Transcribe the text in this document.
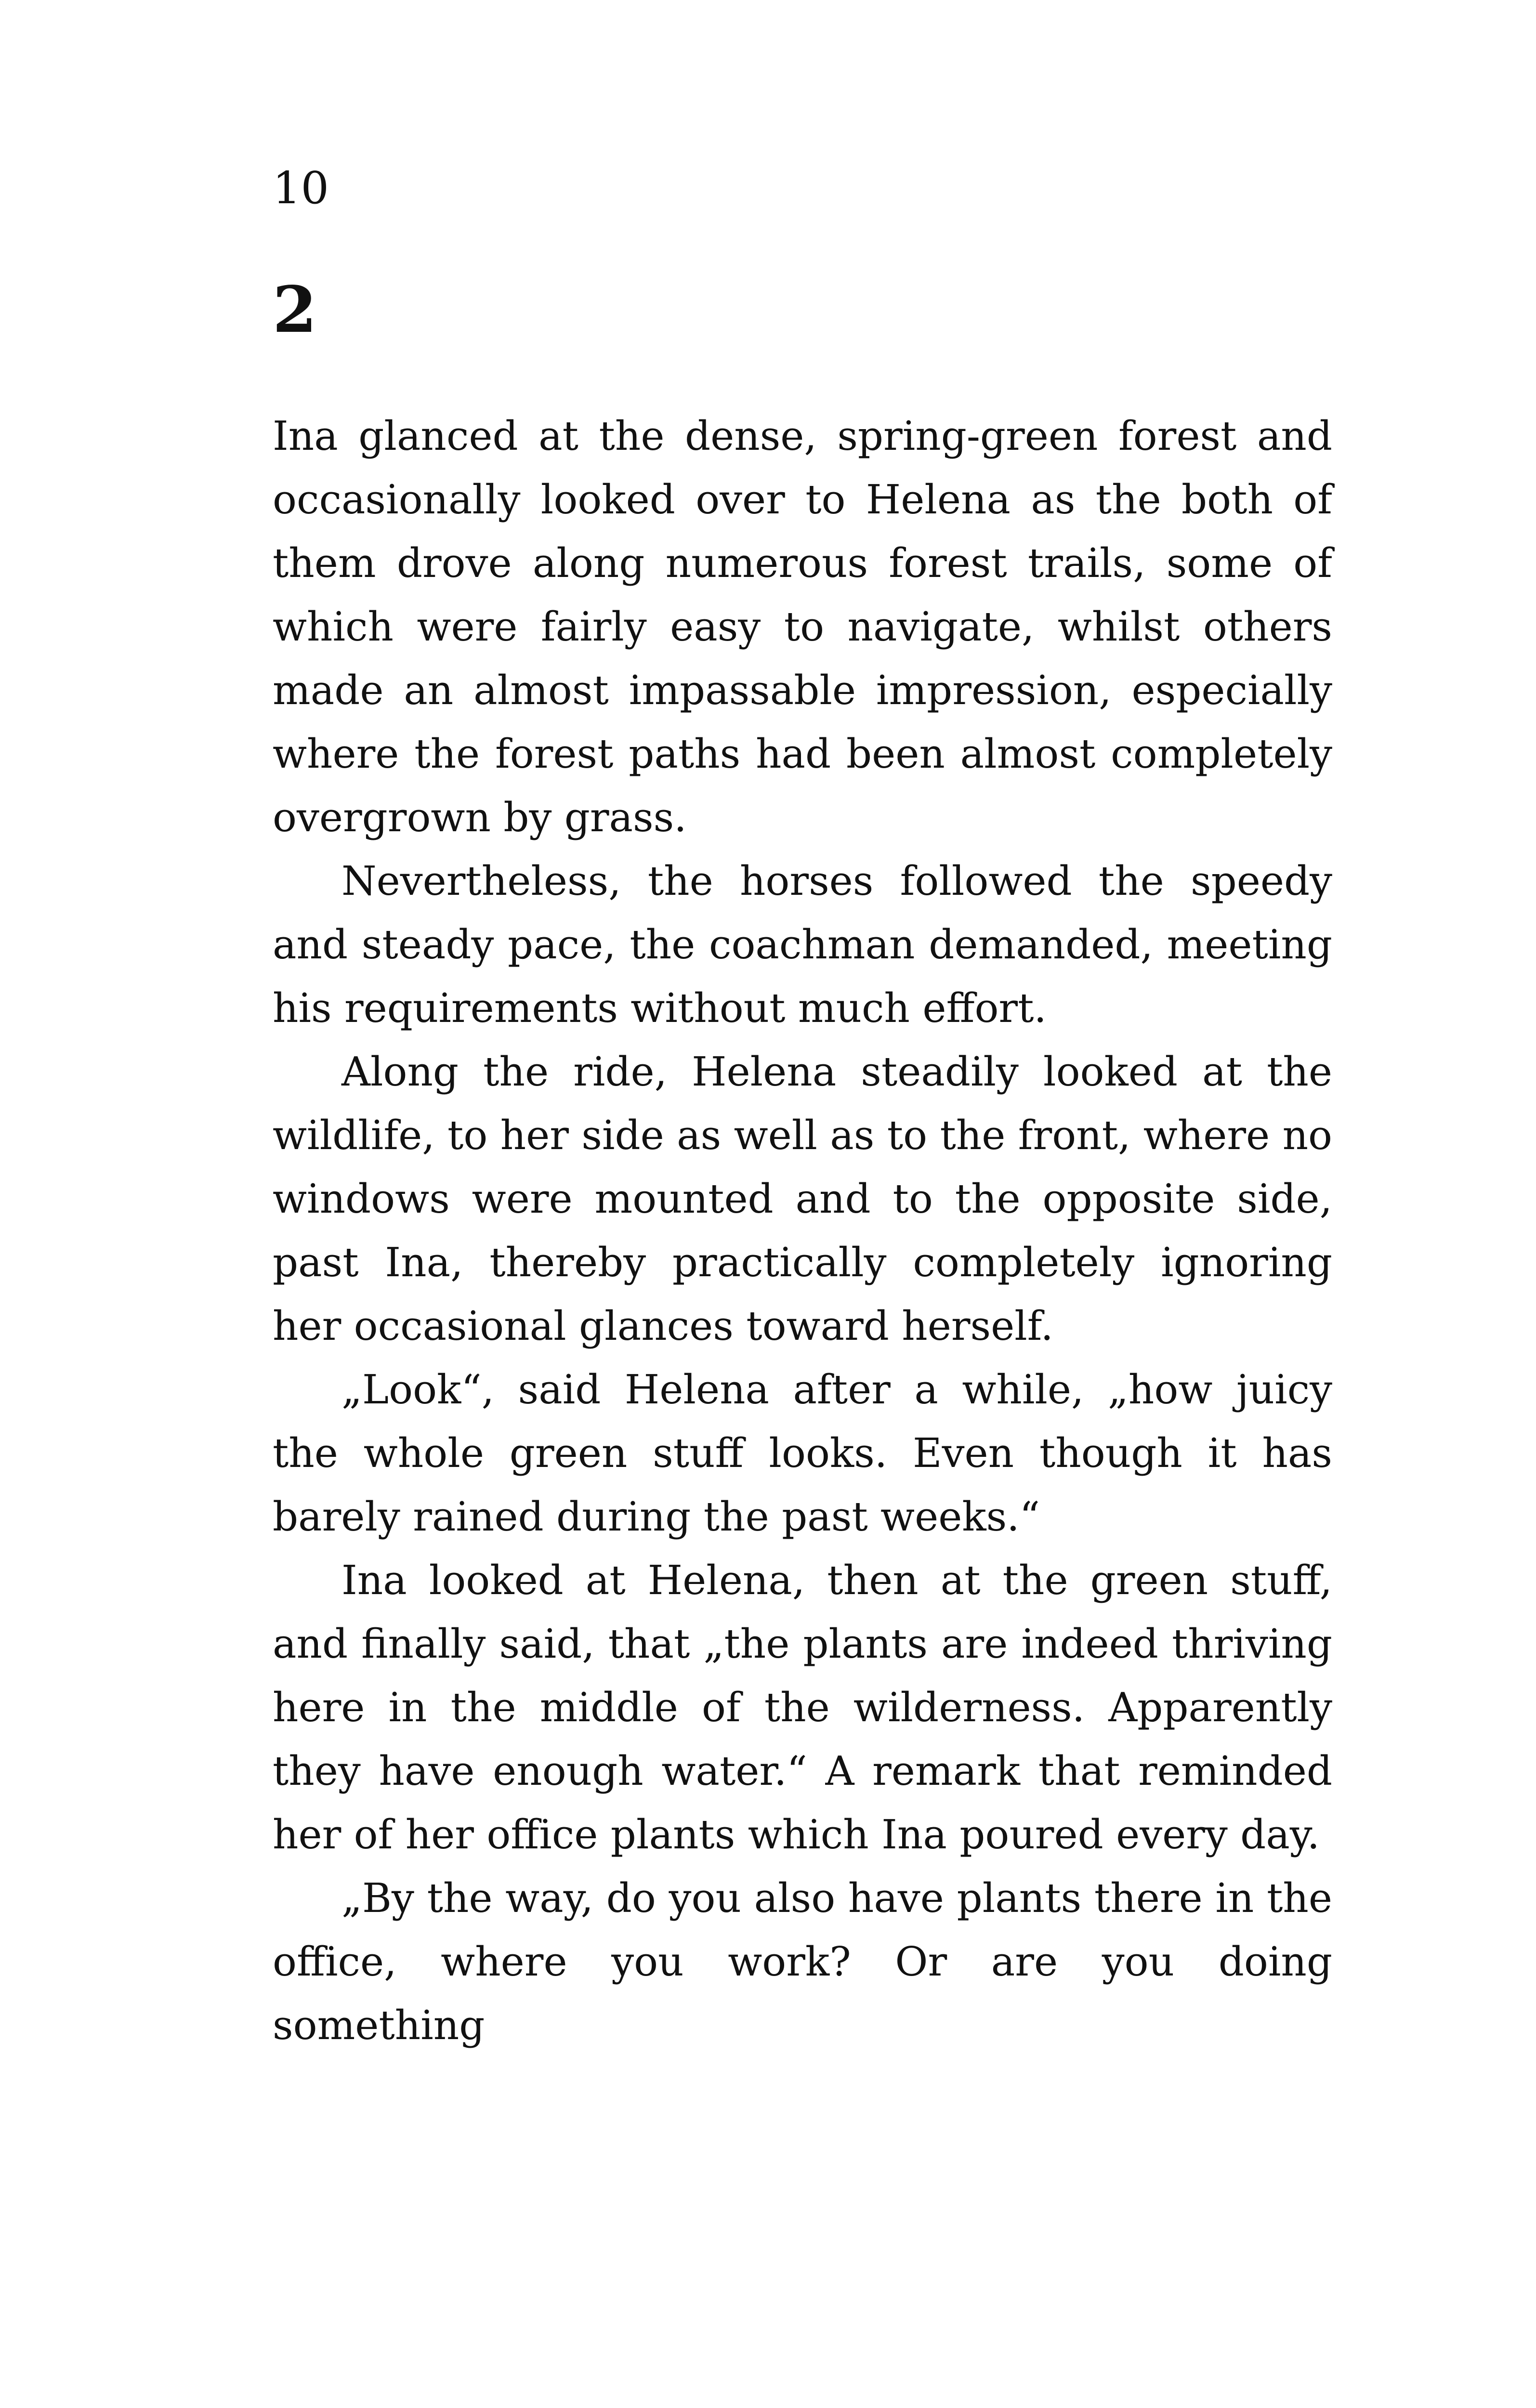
10
2

Ina glanced at the dense, spring-green forest and occasionally looked over to Helena as the both of them drove along numerous forest trails, some of which were fairly easy to navigate, whilst others made an almost impassable impression, especially where the forest paths had been almost completely overgrown by grass.

Nevertheless, the horses followed the speedy and steady pace, the coachman demanded, meeting his requirements without much effort.

Along the ride, Helena steadily looked at the wildlife, to her side as well as to the front, where no windows were mounted and to the opposite side, past Ina, thereby practically completely ignoring her occasional glances toward herself.

„Look“, said Helena after a while, „how juicy the whole green stuff looks. Even though it has barely rained during the past weeks.“

Ina looked at Helena, then at the green stuff, and finally said, that „the plants are indeed thriving here in the middle of the wilderness. Apparently they have enough water.“ A remark that reminded her of her office plants which Ina poured every day.

„By the way, do you also have plants there in the office, where you work? Or are you doing something
